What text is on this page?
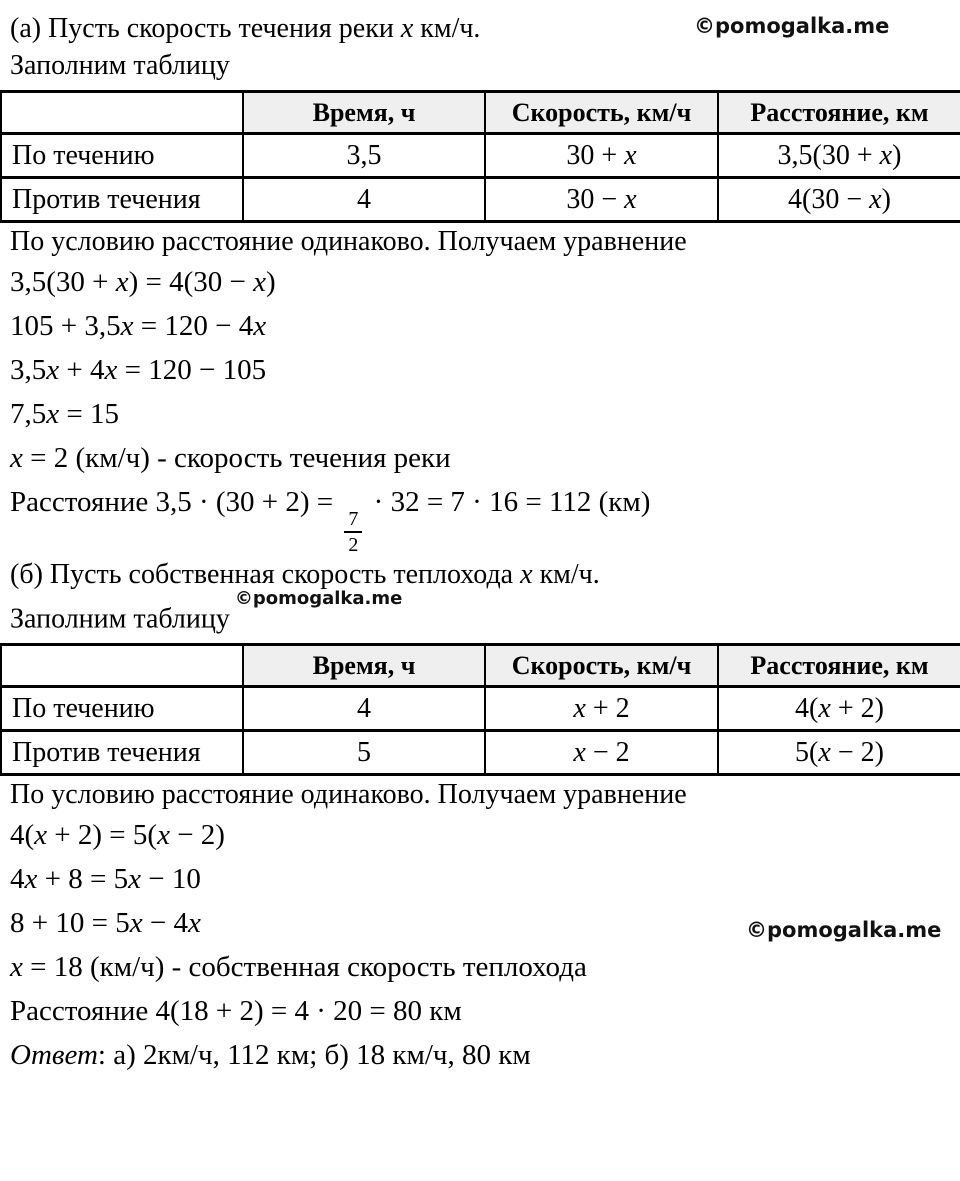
©pomogalka.me

(а) Пусть скорость течения реки x км/ч.

Заполним таблицу

	Время, ч	Скорость, км/ч	Расстояние, км
По течению	3,5	30 + x	3,5(30 + x)
Против течения	4	30 − x	4(30 − x)

По условию расстояние одинаково. Получаем уравнение

3,5(30 + x) = 4(30 − x)

105 + 3,5x = 120 − 4x

3,5x + 4x = 120 − 105

7,5x = 15

x = 2 (км/ч) - скорость течения реки

Расстояние 3,5 · (30 + 2) =
$\frac{7}{2}$
· 32 = 7 · 16 = 112 (км)

(б) Пусть собственная скорость теплохода x км/ч.

Заполним таблицу$^{©pomogalka.me}$

	Время, ч	Скорость, км/ч	Расстояние, км
По течению	4	x + 2	4(x + 2)
Против течения	5	x − 2	5(x − 2)

По условию расстояние одинаково. Получаем уравнение

4(x + 2) = 5(x − 2)

4x + 8 = 5x − 10

8 + 10 = 5x − 4x

x = 18 (км/ч) - собственная скорость теплохода

Расстояние 4(18 + 2) = 4 · 20 = 80 км

©pomogalka.me

Ответ: а) 2км/ч, 112 км; б) 18 км/ч, 80 км
